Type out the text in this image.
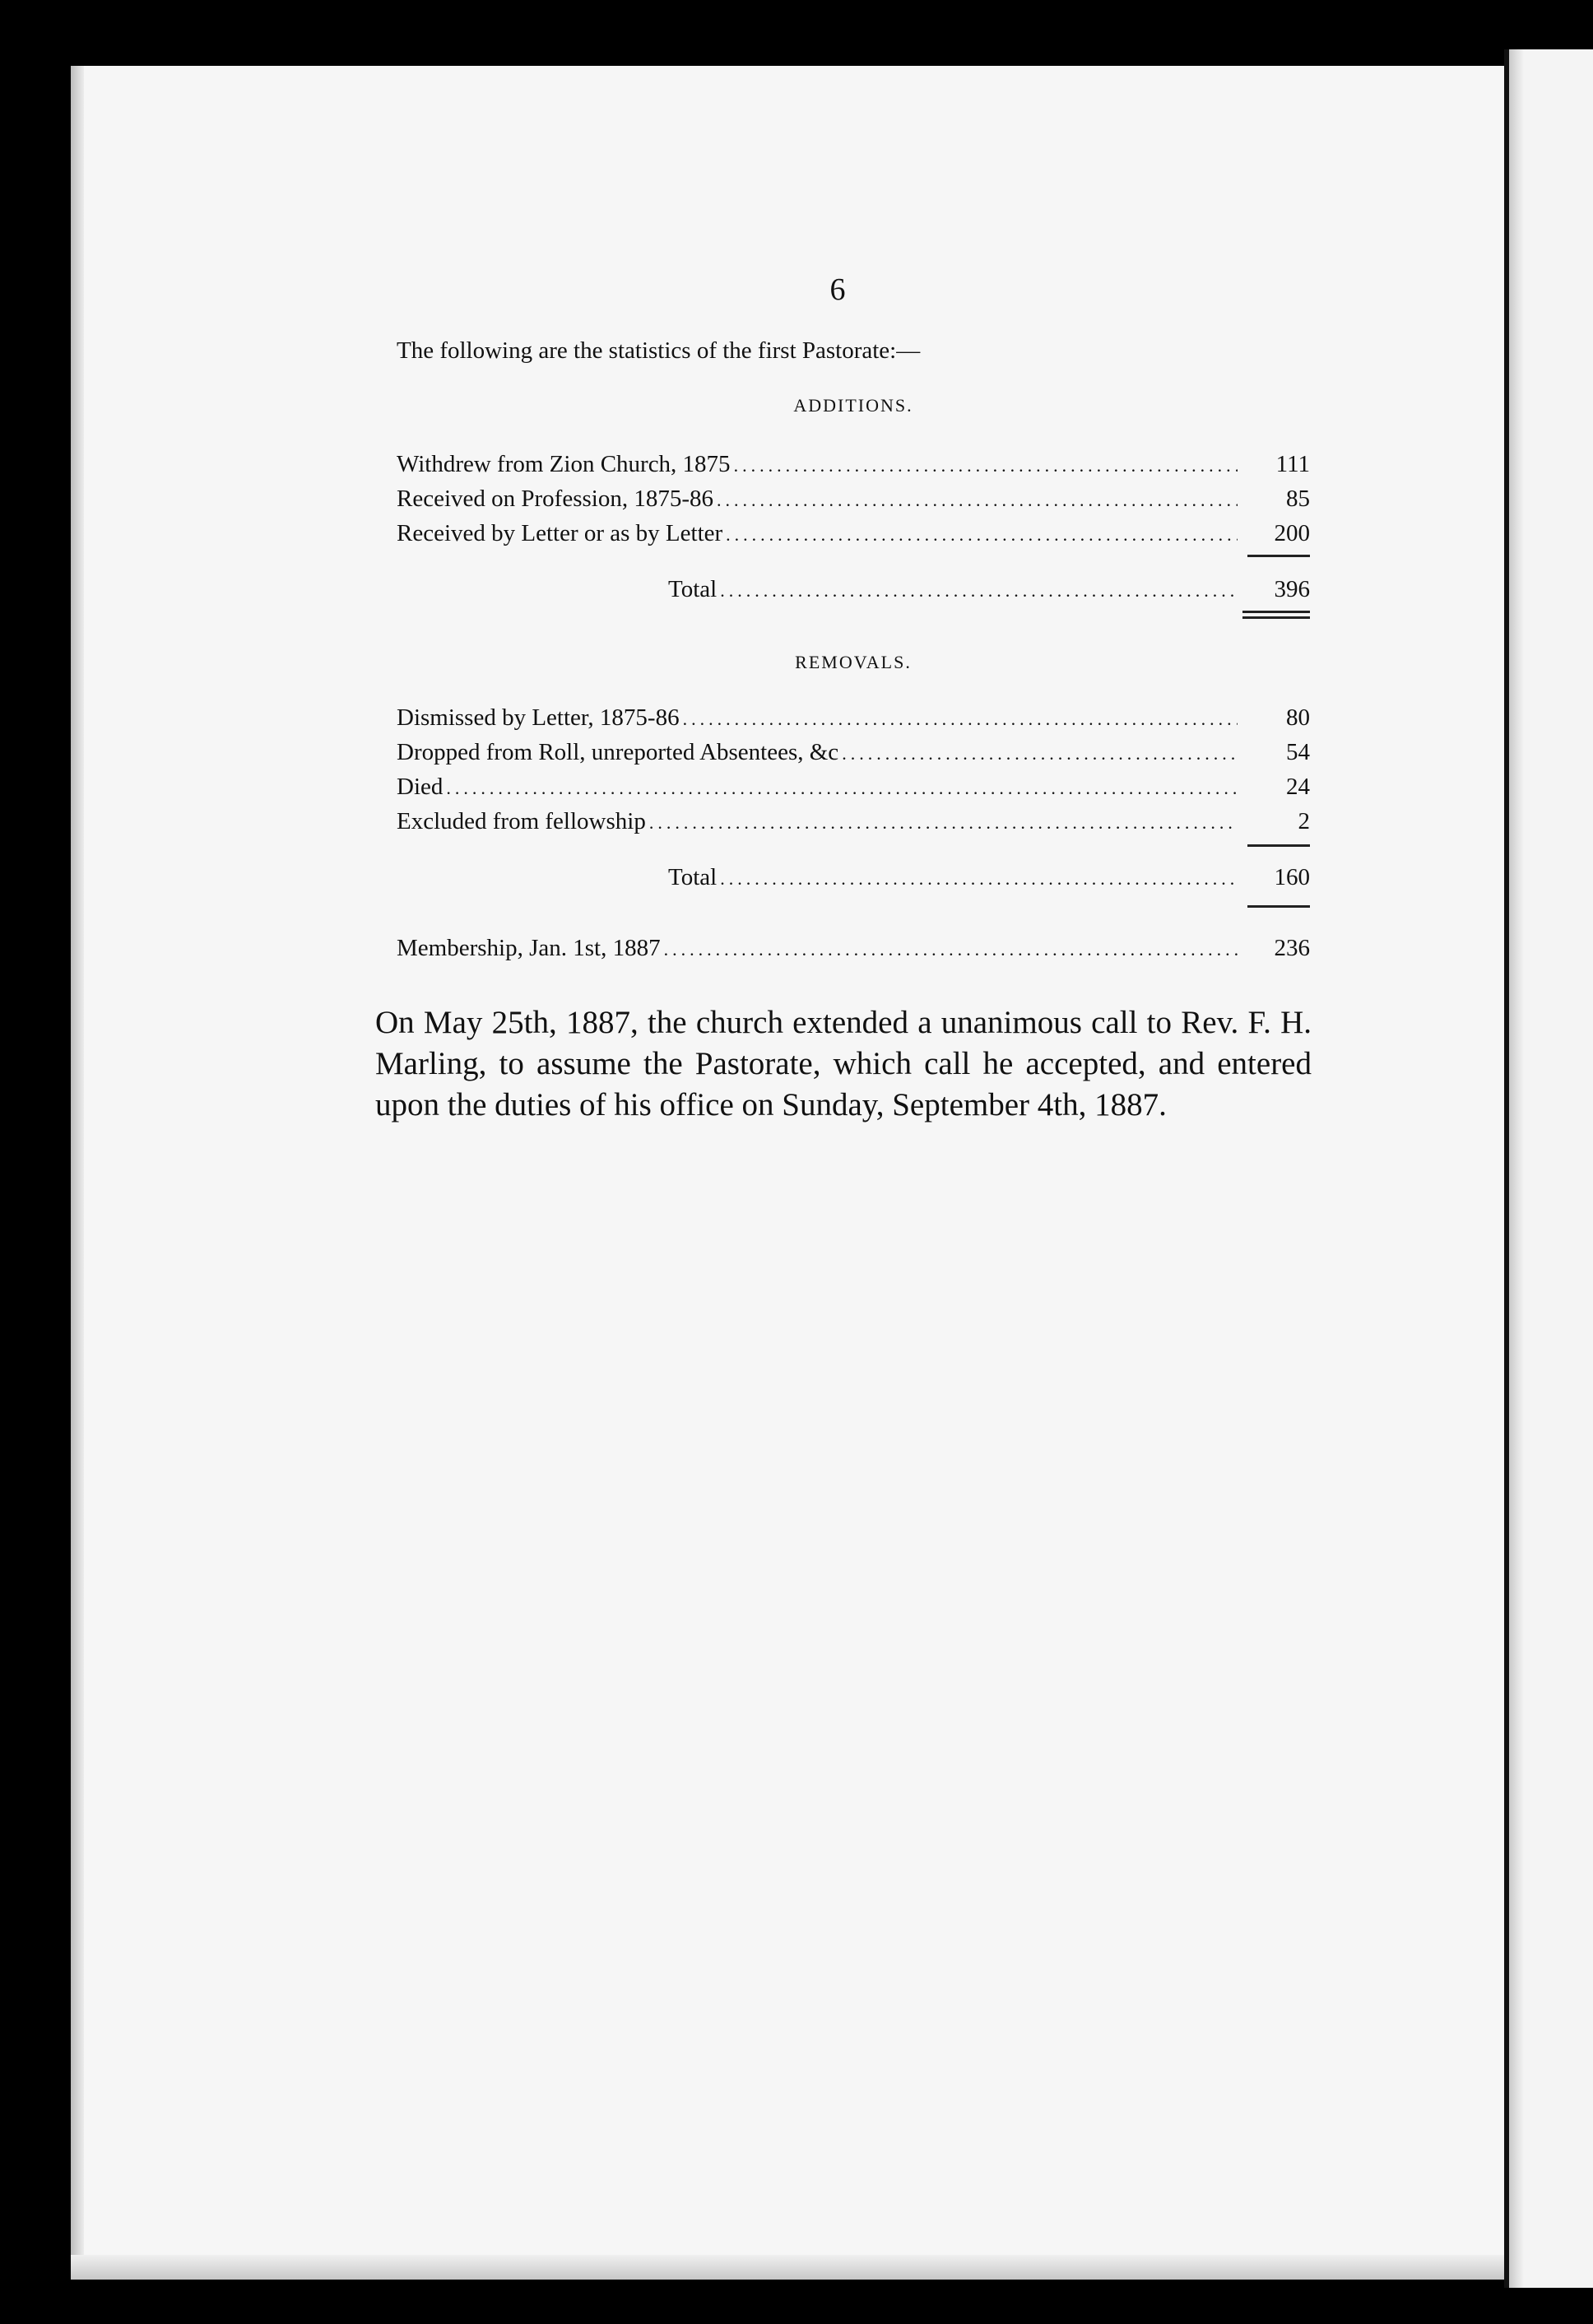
6
The following are the statistics of the first Pastorate:—
ADDITIONS.
Withdrew from Zion Church, 1875 .....	111
Received on Profession, 1875-86 .....	85
Received by Letter or as by Letter .....	200
Total .....	396
REMOVALS.
Dismissed by Letter, 1875-86 .....	80
Dropped from Roll, unreported Absentees, &c .....	54
Died .....	24
Excluded from fellowship .....	2
Total .....	160
Membership, Jan. 1st, 1887 .....	236
On May 25th, 1887, the church extended a unanimous call to Rev. F. H. Marling, to assume the Pastorate, which call he accepted, and entered upon the duties of his office on Sunday, September 4th, 1887.
